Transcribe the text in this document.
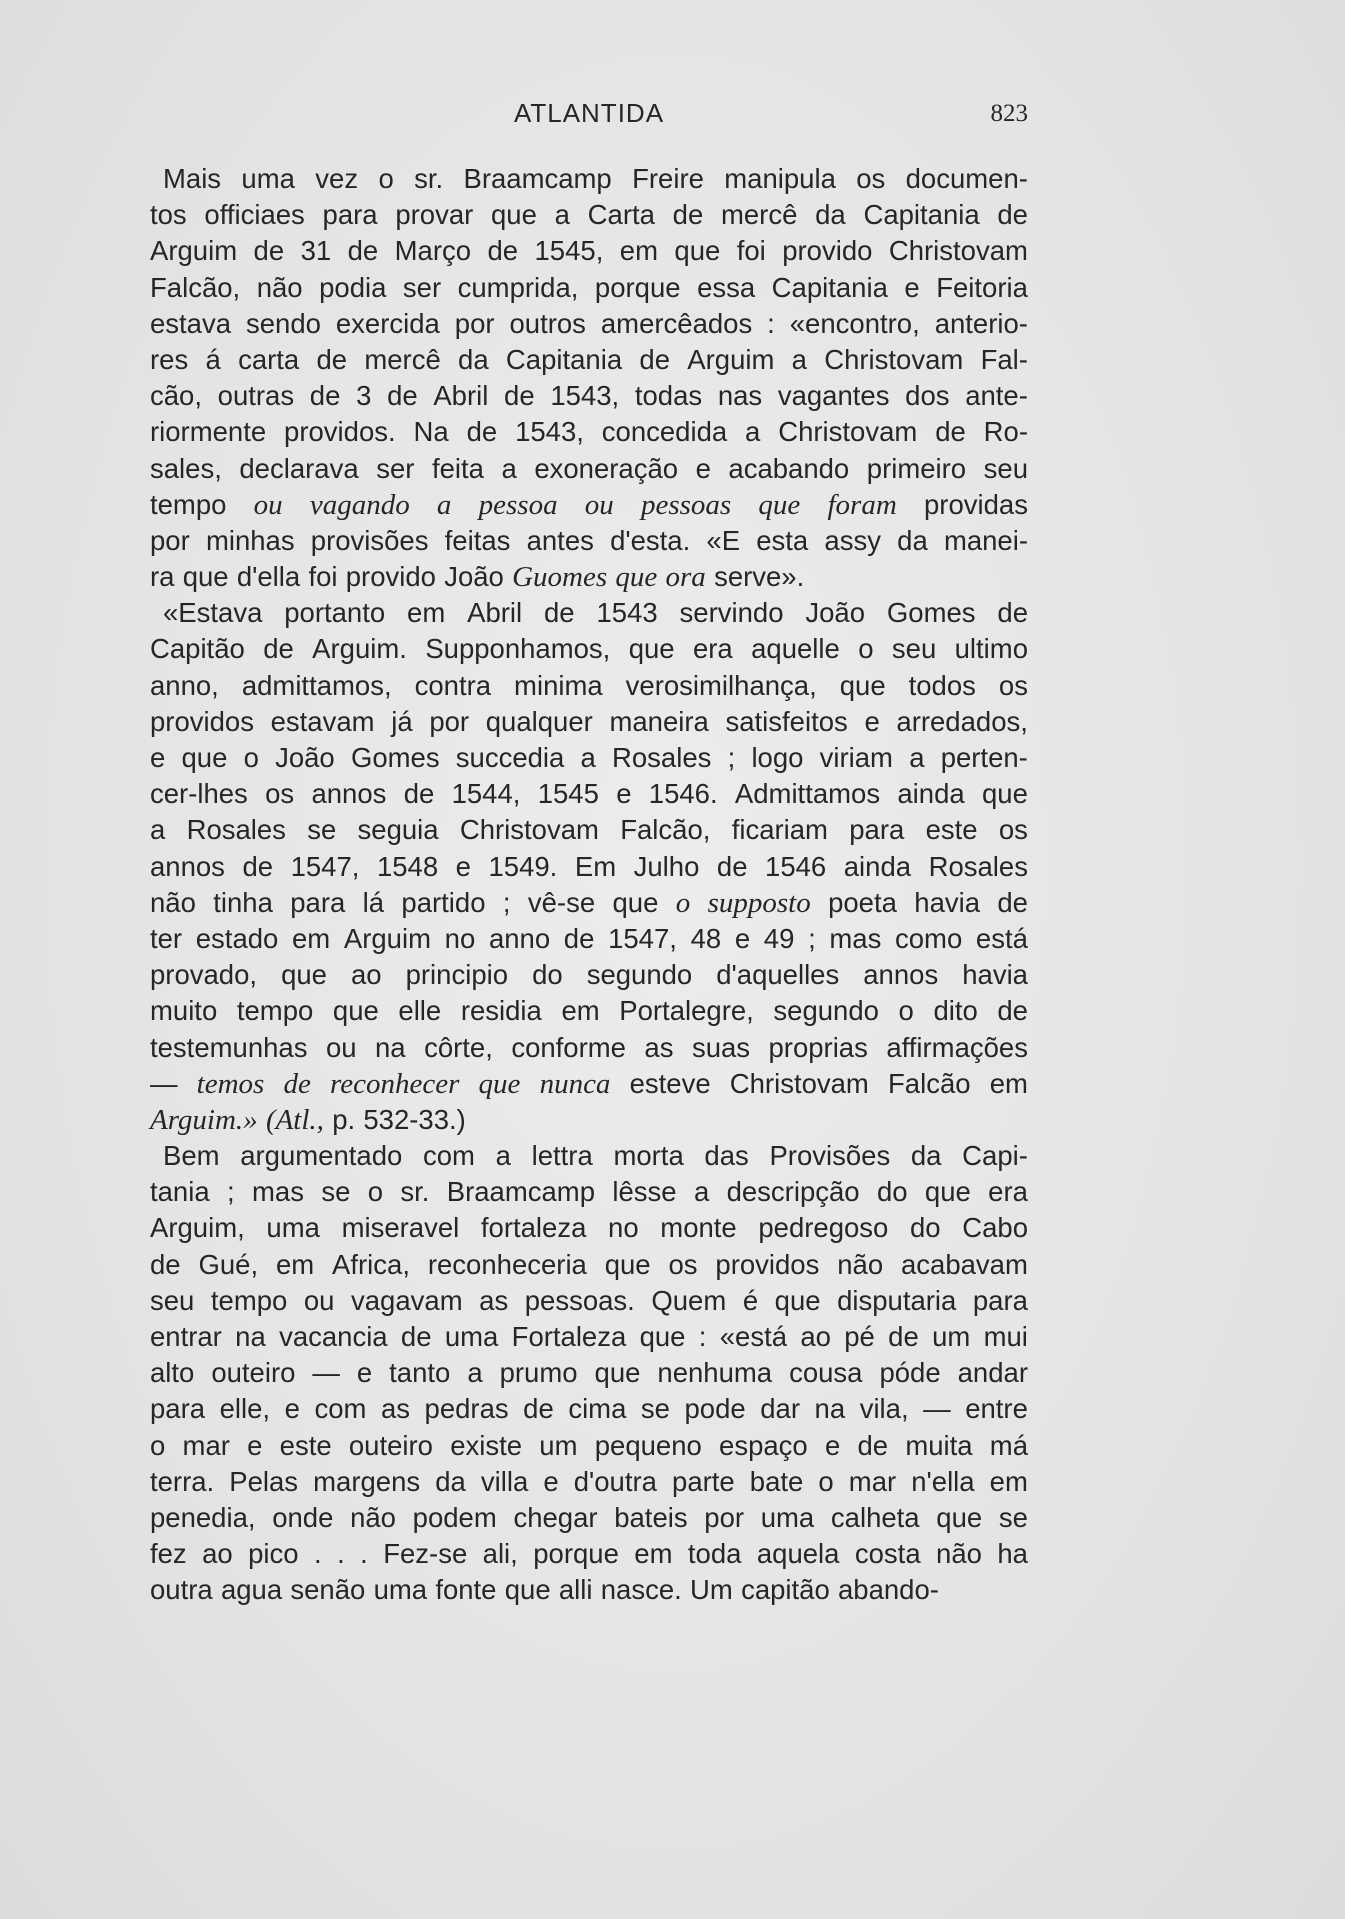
ATLANTIDA	823
Mais uma vez o sr. Braamcamp Freire manipula os documen-
tos officiaes para provar que a Carta de mercê da Capitania de
Arguim de 31 de Março de 1545, em que foi provido Christovam
Falcão, não podia ser cumprida, porque essa Capitania e Feitoria
estava sendo exercida por outros amercêados : «encontro, anterio-
res á carta de mercê da Capitania de Arguim a Christovam Fal-
cão, outras de 3 de Abril de 1543, todas nas vagantes dos ante-
riormente providos. Na de 1543, concedida a Christovam de Ro-
sales, declarava ser feita a exoneração e acabando primeiro seu
tempo ou vagando a pessoa ou pessoas que foram providas
por minhas provisões feitas antes d'esta. «E esta assy da manei-
ra que d'ella foi provido João Guomes que ora serve».
«Estava portanto em Abril de 1543 servindo João Gomes de
Capitão de Arguim. Supponhamos, que era aquelle o seu ultimo
anno, admittamos, contra minima verosimilhança, que todos os
providos estavam já por qualquer maneira satisfeitos e arredados,
e que o João Gomes succedia a Rosales ; logo viriam a perten-
cer-lhes os annos de 1544, 1545 e 1546. Admittamos ainda que
a Rosales se seguia Christovam Falcão, ficariam para este os
annos de 1547, 1548 e 1549. Em Julho de 1546 ainda Rosales
não tinha para lá partido ; vê-se que o supposto poeta havia de
ter estado em Arguim no anno de 1547, 48 e 49 ; mas como está
provado, que ao principio do segundo d'aquelles annos havia
muito tempo que elle residia em Portalegre, segundo o dito de
testemunhas ou na côrte, conforme as suas proprias affirmações
— temos de reconhecer que nunca esteve Christovam Falcão em
Arguim.» (Atl., p. 532-33.)
Bem argumentado com a lettra morta das Provisões da Capi-
tania ; mas se o sr. Braamcamp lêsse a descripção do que era
Arguim, uma miseravel fortaleza no monte pedregoso do Cabo
de Gué, em Africa, reconheceria que os providos não acabavam
seu tempo ou vagavam as pessoas. Quem é que disputaria para
entrar na vacancia de uma Fortaleza que : «está ao pé de um mui
alto outeiro — e tanto a prumo que nenhuma cousa póde andar
para elle, e com as pedras de cima se pode dar na vila, — entre
o mar e este outeiro existe um pequeno espaço e de muita má
terra. Pelas margens da villa e d'outra parte bate o mar n'ella em
penedia, onde não podem chegar bateis por uma calheta que se
fez ao pico . . . Fez-se ali, porque em toda aquela costa não ha
outra agua senão uma fonte que alli nasce. Um capitão abando-
